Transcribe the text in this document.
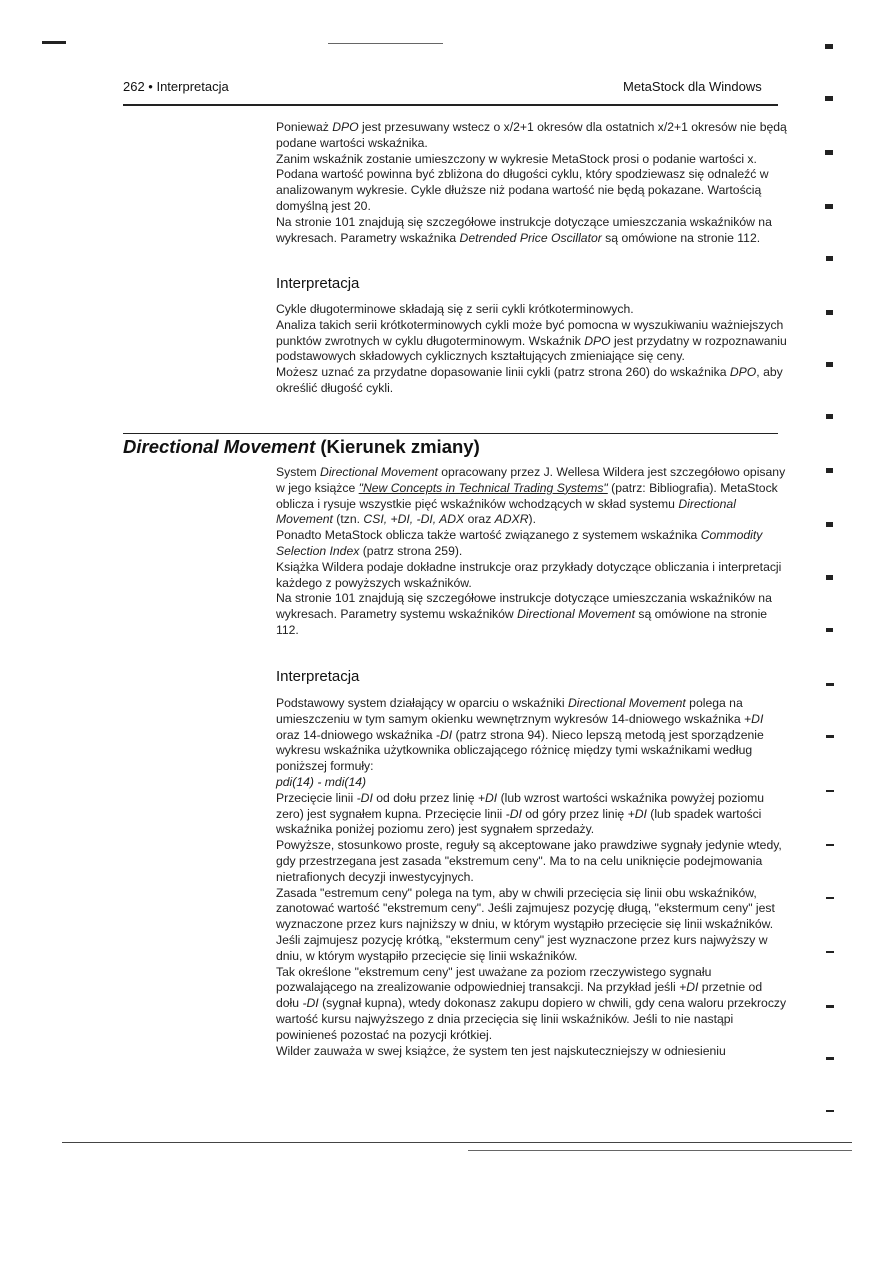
262 • Interpretacja	MetaStock dla Windows

Ponieważ DPO jest przesuwany wstecz o x/2+1 okresów dla ostatnich x/2+1 okresów nie będą podane wartości wskaźnika.

Zanim wskaźnik zostanie umieszczony w wykresie MetaStock prosi o podanie wartości x. Podana wartość powinna być zbliżona do długości cyklu, który spodziewasz się odnaleźć w analizowanym wykresie. Cykle dłuższe niż podana wartość nie będą pokazane. Wartością domyślną jest 20.

Na stronie 101 znajdują się szczegółowe instrukcje dotyczące umieszczania wskaźników na wykresach. Parametry wskaźnika Detrended Price Oscillator są omówione na stronie 112.

Interpretacja

Cykle długoterminowe składają się z serii cykli krótkoterminowych.

Analiza takich serii krótkoterminowych cykli może być pomocna w wyszukiwaniu ważniejszych punktów zwrotnych w cyklu długoterminowym. Wskaźnik DPO jest przydatny w rozpoznawaniu podstawowych składowych cyklicznych kształtujących zmieniające się ceny.

Możesz uznać za przydatne dopasowanie linii cykli (patrz strona 260) do wskaźnika DPO, aby określić długość cykli.

Directional Movement (Kierunek zmiany)

System Directional Movement opracowany przez J. Wellesa Wildera jest szczegółowo opisany w jego książce "New Concepts in Technical Trading Systems" (patrz: Bibliografia). MetaStock oblicza i rysuje wszystkie pięć wskaźników wchodzących w skład systemu Directional Movement (tzn. CSI, +DI, -DI, ADX oraz ADXR).

Ponadto MetaStock oblicza także wartość związanego z systemem wskaźnika Commodity Selection Index (patrz strona 259).

Książka Wildera podaje dokładne instrukcje oraz przykłady dotyczące obliczania i interpretacji każdego z powyższych wskaźników.

Na stronie 101 znajdują się szczegółowe instrukcje dotyczące umieszczania wskaźników na wykresach. Parametry systemu wskaźników Directional Movement są omówione na stronie 112.

Interpretacja

Podstawowy system działający w oparciu o wskaźniki Directional Movement polega na umieszczeniu w tym samym okienku wewnętrznym wykresów 14-dniowego wskaźnika +DI oraz 14-dniowego wskaźnika -DI (patrz strona 94). Nieco lepszą metodą jest sporządzenie wykresu wskaźnika użytkownika obliczającego różnicę między tymi wskaźnikami według poniższej formuły:

pdi(14) - mdi(14)

Przecięcie linii -DI od dołu przez linię +DI (lub wzrost wartości wskaźnika powyżej poziomu zero) jest sygnałem kupna. Przecięcie linii -DI od góry przez linię +DI (lub spadek wartości wskaźnika poniżej poziomu zero) jest sygnałem sprzedaży.

Powyższe, stosunkowo proste, reguły są akceptowane jako prawdziwe sygnały jedynie wtedy, gdy przestrzegana jest zasada "ekstremum ceny". Ma to na celu uniknięcie podejmowania nietrafionych decyzji inwestycyjnych.

Zasada "estremum ceny" polega na tym, aby w chwili przecięcia się linii obu wskaźników, zanotować wartość "ekstremum ceny". Jeśli zajmujesz pozycję długą, "ekstermum ceny" jest wyznaczone przez kurs najniższy w dniu, w którym wystąpiło przecięcie się linii wskaźników. Jeśli zajmujesz pozycję krótką, "ekstermum ceny" jest wyznaczone przez kurs najwyższy w dniu, w którym wystąpiło przecięcie się linii wskaźników.

Tak określone "ekstremum ceny" jest uważane za poziom rzeczywistego sygnału pozwalającego na zrealizowanie odpowiedniej transakcji. Na przykład jeśli +DI przetnie od dołu -DI (sygnał kupna), wtedy dokonasz zakupu dopiero w chwili, gdy cena waloru przekroczy wartość kursu najwyższego z dnia przecięcia się linii wskaźników. Jeśli to nie nastąpi powinieneś pozostać na pozycji krótkiej.

Wilder zauważa w swej książce, że system ten jest najskuteczniejszy w odniesieniu
